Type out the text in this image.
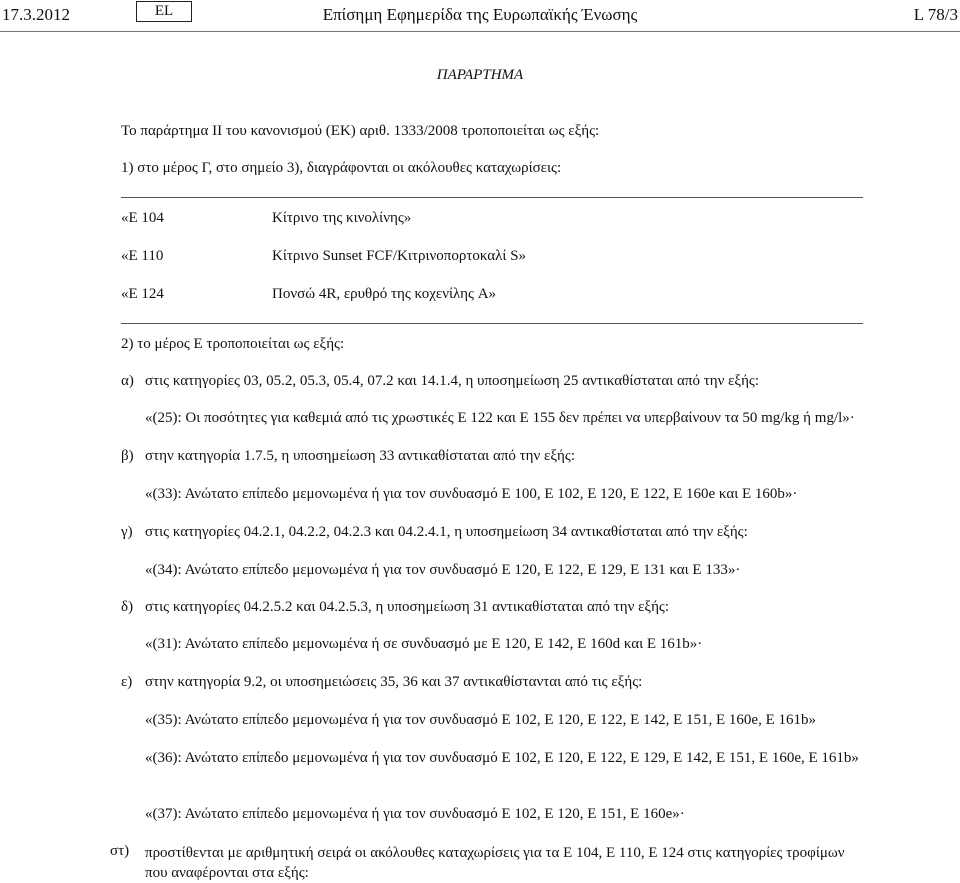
17.3.2012	EL	Επίσημη Εφημερίδα της Ευρωπαϊκής Ένωσης	L 78/3
ΠΑΡΑΡΤΗΜΑ
Το παράρτημα II του κανονισμού (ΕΚ) αριθ. 1333/2008 τροποποιείται ως εξής:
1) στο μέρος Γ, στο σημείο 3), διαγράφονται οι ακόλουθες καταχωρίσεις:
«E 104	Κίτρινο της κινολίνης»
«E 110	Κίτρινο Sunset FCF/Κιτρινοπορτοκαλί S»
«E 124	Πονσώ 4R, ερυθρό της κοχενίλης A»
2) το μέρος Ε τροποποιείται ως εξής:
α) στις κατηγορίες 03, 05.2, 05.3, 05.4, 07.2 και 14.1.4, η υποσημείωση 25 αντικαθίσταται από την εξής:
«(25): Οι ποσότητες για καθεμιά από τις χρωστικές E 122 και E 155 δεν πρέπει να υπερβαίνουν τα 50 mg/kg ή mg/l»·
β) στην κατηγορία 1.7.5, η υποσημείωση 33 αντικαθίσταται από την εξής:
«(33): Ανώτατο επίπεδο μεμονωμένα ή για τον συνδυασμό E 100, E 102, E 120, E 122, E 160e και E 160b»·
γ) στις κατηγορίες 04.2.1, 04.2.2, 04.2.3 και 04.2.4.1, η υποσημείωση 34 αντικαθίσταται από την εξής:
«(34): Ανώτατο επίπεδο μεμονωμένα ή για τον συνδυασμό E 120, E 122, E 129, E 131 και E 133»·
δ) στις κατηγορίες 04.2.5.2 και 04.2.5.3, η υποσημείωση 31 αντικαθίσταται από την εξής:
«(31): Ανώτατο επίπεδο μεμονωμένα ή σε συνδυασμό με E 120, E 142, E 160d και E 161b»·
ε) στην κατηγορία 9.2, οι υποσημειώσεις 35, 36 και 37 αντικαθίστανται από τις εξής:
«(35): Ανώτατο επίπεδο μεμονωμένα ή για τον συνδυασμό E 102, E 120, E 122, E 142, E 151, E 160e, E 161b»
«(36): Ανώτατο επίπεδο μεμονωμένα ή για τον συνδυασμό E 102, E 120, E 122, E 129, E 142, E 151, E 160e, E 161b»
«(37): Ανώτατο επίπεδο μεμονωμένα ή για τον συνδυασμό E 102, E 120, E 151, E 160e»·
στ) προστίθενται με αριθμητική σειρά οι ακόλουθες καταχωρίσεις για τα E 104, E 110, E 124 στις κατηγορίες τροφίμων που αναφέρονται στα εξής:
